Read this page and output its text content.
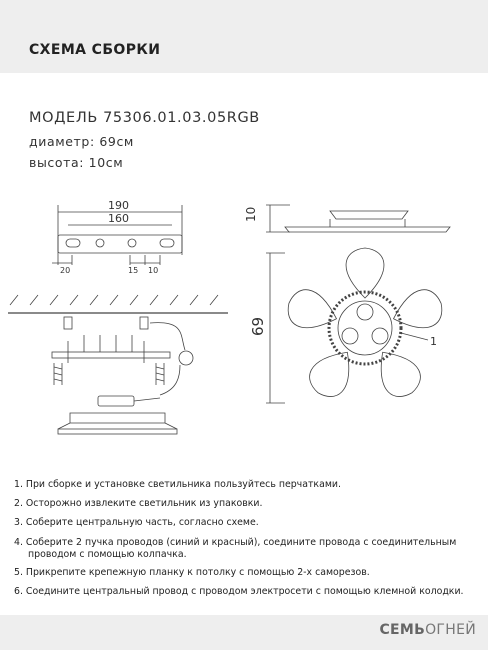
СХЕМА СБОРКИ
МОДЕЛЬ 75306.01.03.05RGB
диаметр: 69см
высота: 10см
190
160
20	15 10
10
69
1
1. При сборке и установке светильника пользуйтесь перчатками.
2. Осторожно извлеките светильник из упаковки.
3. Соберите центральную часть, согласно схеме.
4. Соберите 2 пучка проводов (синий и красный), соедините провода с соединительным
проводом с помощью колпачка.
5. Прикрепите крепежную планку к потолку с помощью 2-х саморезов.
6. Соедините центральный провод с проводом электросети с помощью клемной колодки.
СЕМЬОГНЕЙ
